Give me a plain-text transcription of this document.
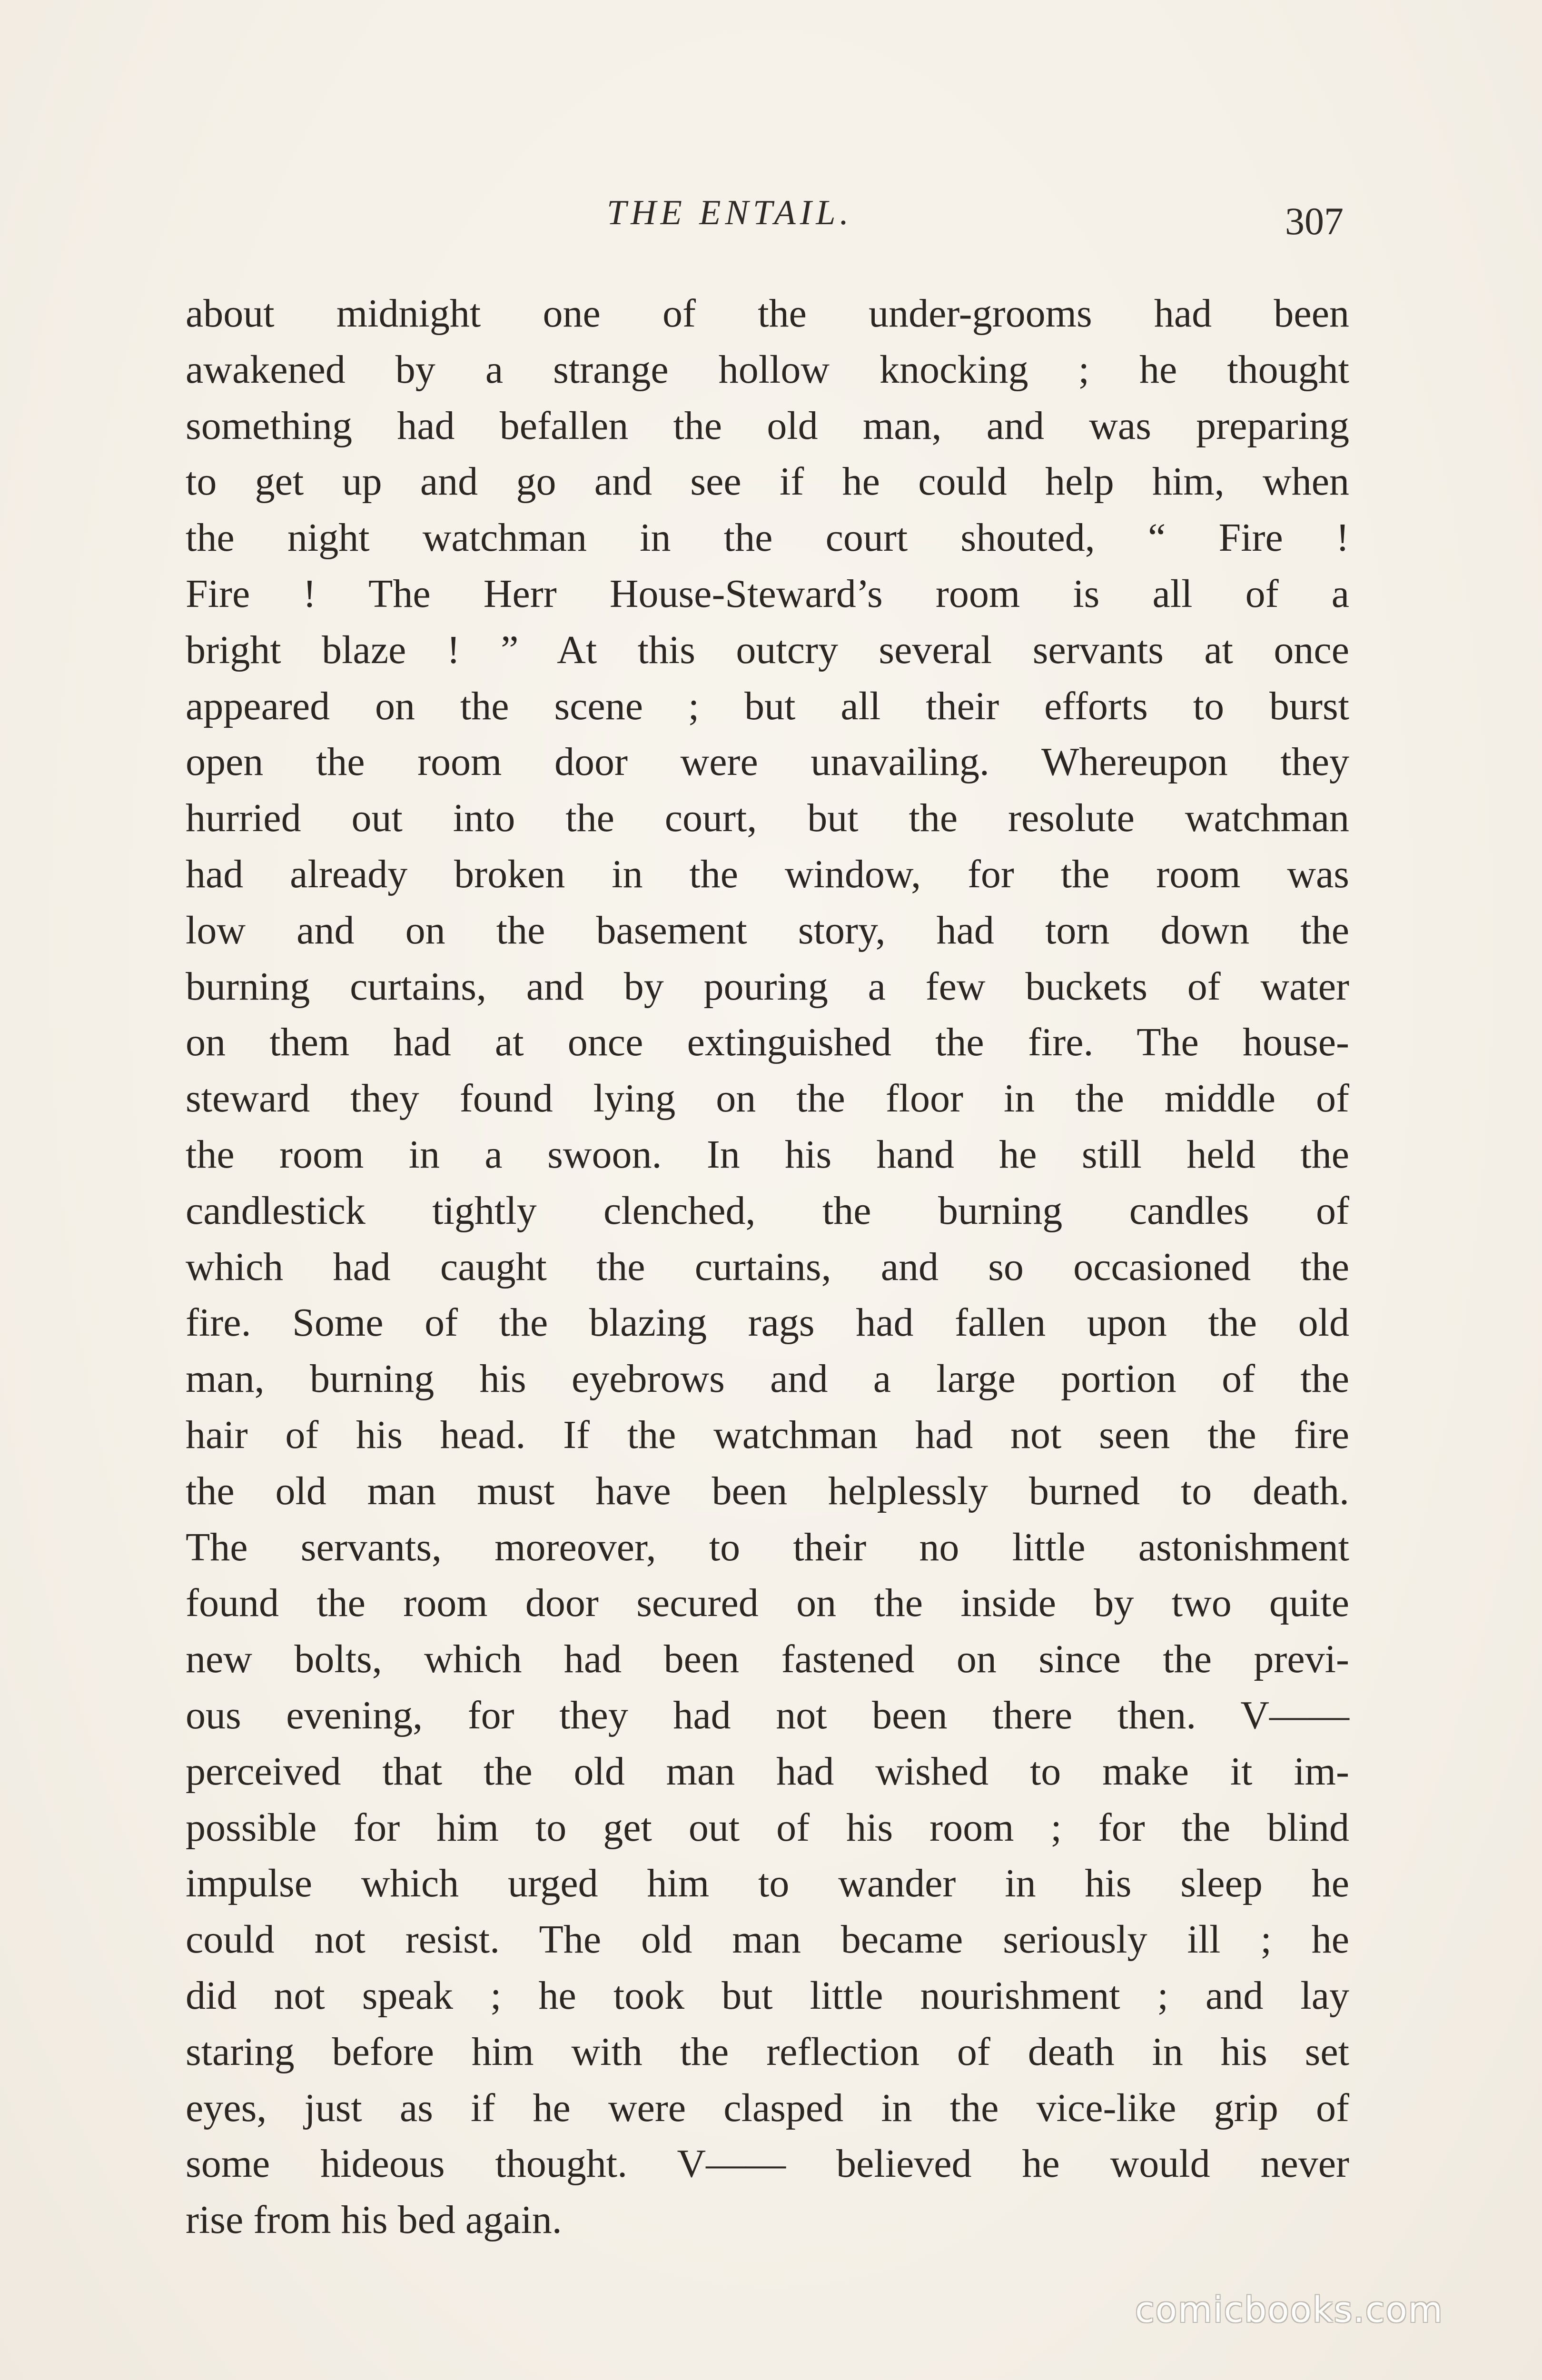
THE ENTAIL.	307
about midnight one of the under-grooms had been
awakened by a strange hollow knocking ; he thought
something had befallen the old man, and was preparing
to get up and go and see if he could help him, when
the night watchman in the court shouted, “ Fire !
Fire ! The Herr House-Steward’s room is all of a
bright blaze ! ” At this outcry several servants at once
appeared on the scene ; but all their efforts to burst
open the room door were unavailing. Whereupon they
hurried out into the court, but the resolute watchman
had already broken in the window, for the room was
low and on the basement story, had torn down the
burning curtains, and by pouring a few buckets of water
on them had at once extinguished the fire. The house-
steward they found lying on the floor in the middle of
the room in a swoon. In his hand he still held the
candlestick tightly clenched, the burning candles of
which had caught the curtains, and so occasioned the
fire. Some of the blazing rags had fallen upon the old
man, burning his eyebrows and a large portion of the
hair of his head. If the watchman had not seen the fire
the old man must have been helplessly burned to death.
The servants, moreover, to their no little astonishment
found the room door secured on the inside by two quite
new bolts, which had been fastened on since the previ-
ous evening, for they had not been there then. V——
perceived that the old man had wished to make it im-
possible for him to get out of his room ; for the blind
impulse which urged him to wander in his sleep he
could not resist. The old man became seriously ill ; he
did not speak ; he took but little nourishment ; and lay
staring before him with the reflection of death in his set
eyes, just as if he were clasped in the vice-like grip of
some hideous thought. V—— believed he would never
rise from his bed again.
comicbooks.com
